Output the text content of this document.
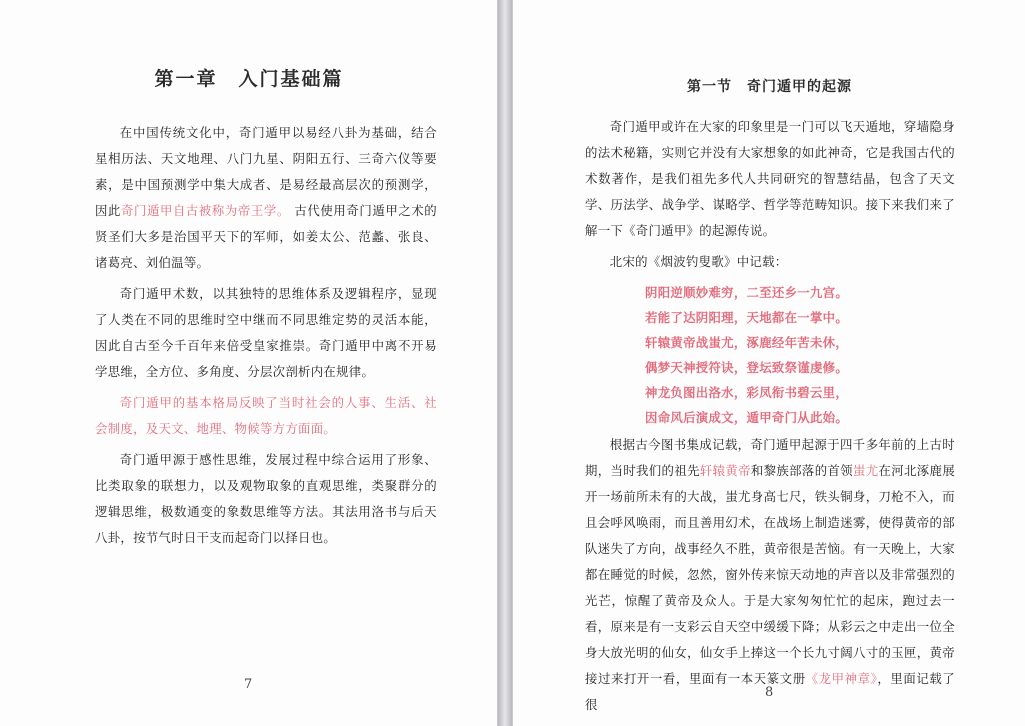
第一章　入门基础篇

在中国传统文化中，奇门遁甲以易经八卦为基础，结合星相历法、天文地理、八门九星、阴阳五行、三奇六仪等要素，是中国预测学中集大成者、是易经最高层次的预测学，因此奇门遁甲自古被称为帝王学。 古代使用奇门遁甲之术的贤圣们大多是治国平天下的军师，如姜太公、范蠡、张良、诸葛亮、刘伯温等。

奇门遁甲术数，以其独特的思维体系及逻辑程序，显现了人类在不同的思维时空中继而不同思维定势的灵活本能，因此自古至今千百年来倍受皇家推崇。奇门遁甲中离不开易学思维，全方位、多角度、分层次剖析内在规律。

奇门遁甲的基本格局反映了当时社会的人事、生活、社会制度，及天文、地理、物候等方方面面。

奇门遁甲源于感性思维，发展过程中综合运用了形象、比类取象的联想力，以及观物取象的直观思维，类聚群分的逻辑思维，极数通变的象数思维等方法。其法用洛书与后天八卦，按节气时日干支而起奇门以择日也。

7
第一节　奇门遁甲的起源

奇门遁甲或许在大家的印象里是一门可以飞天遁地，穿墙隐身的法术秘籍，实则它并没有大家想象的如此神奇，它是我国古代的术数著作，是我们祖先多代人共同研究的智慧结晶，包含了天文学、历法学、战争学、谋略学、哲学等范畴知识。接下来我们来了解一下《奇门遁甲》的起源传说。

北宋的《烟波钓叟歌》中记载：

阴阳逆顺妙难穷，二至还乡一九宫。
若能了达阴阳理，天地都在一掌中。
轩辕黄帝战蚩尤，涿鹿经年苦未休，
偶梦天神授符诀，登坛致祭谨虔修。
神龙负图出洛水，彩凤衔书碧云里，
因命风后演成文，遁甲奇门从此始。

根据古今图书集成记载，奇门遁甲起源于四千多年前的上古时期，当时我们的祖先轩辕黄帝和黎族部落的首领蚩尤在河北涿鹿展开一场前所未有的大战，蚩尤身高七尺，铁头铜身，刀枪不入，而且会呼风唤雨，而且善用幻术，在战场上制造迷雾，使得黄帝的部队迷失了方向，战事经久不胜，黄帝很是苦恼。有一天晚上，大家都在睡觉的时候，忽然，窗外传来惊天动地的声音以及非常强烈的光芒，惊醒了黄帝及众人。于是大家匆匆忙忙的起床，跑过去一看，原来是有一支彩云自天空中缓缓下降；从彩云之中走出一位全身大放光明的仙女，仙女手上捧这一个长九寸阔八寸的玉匣，黄帝接过来打开一看，里面有一本天篆文册《龙甲神章》，里面记载了很

8
